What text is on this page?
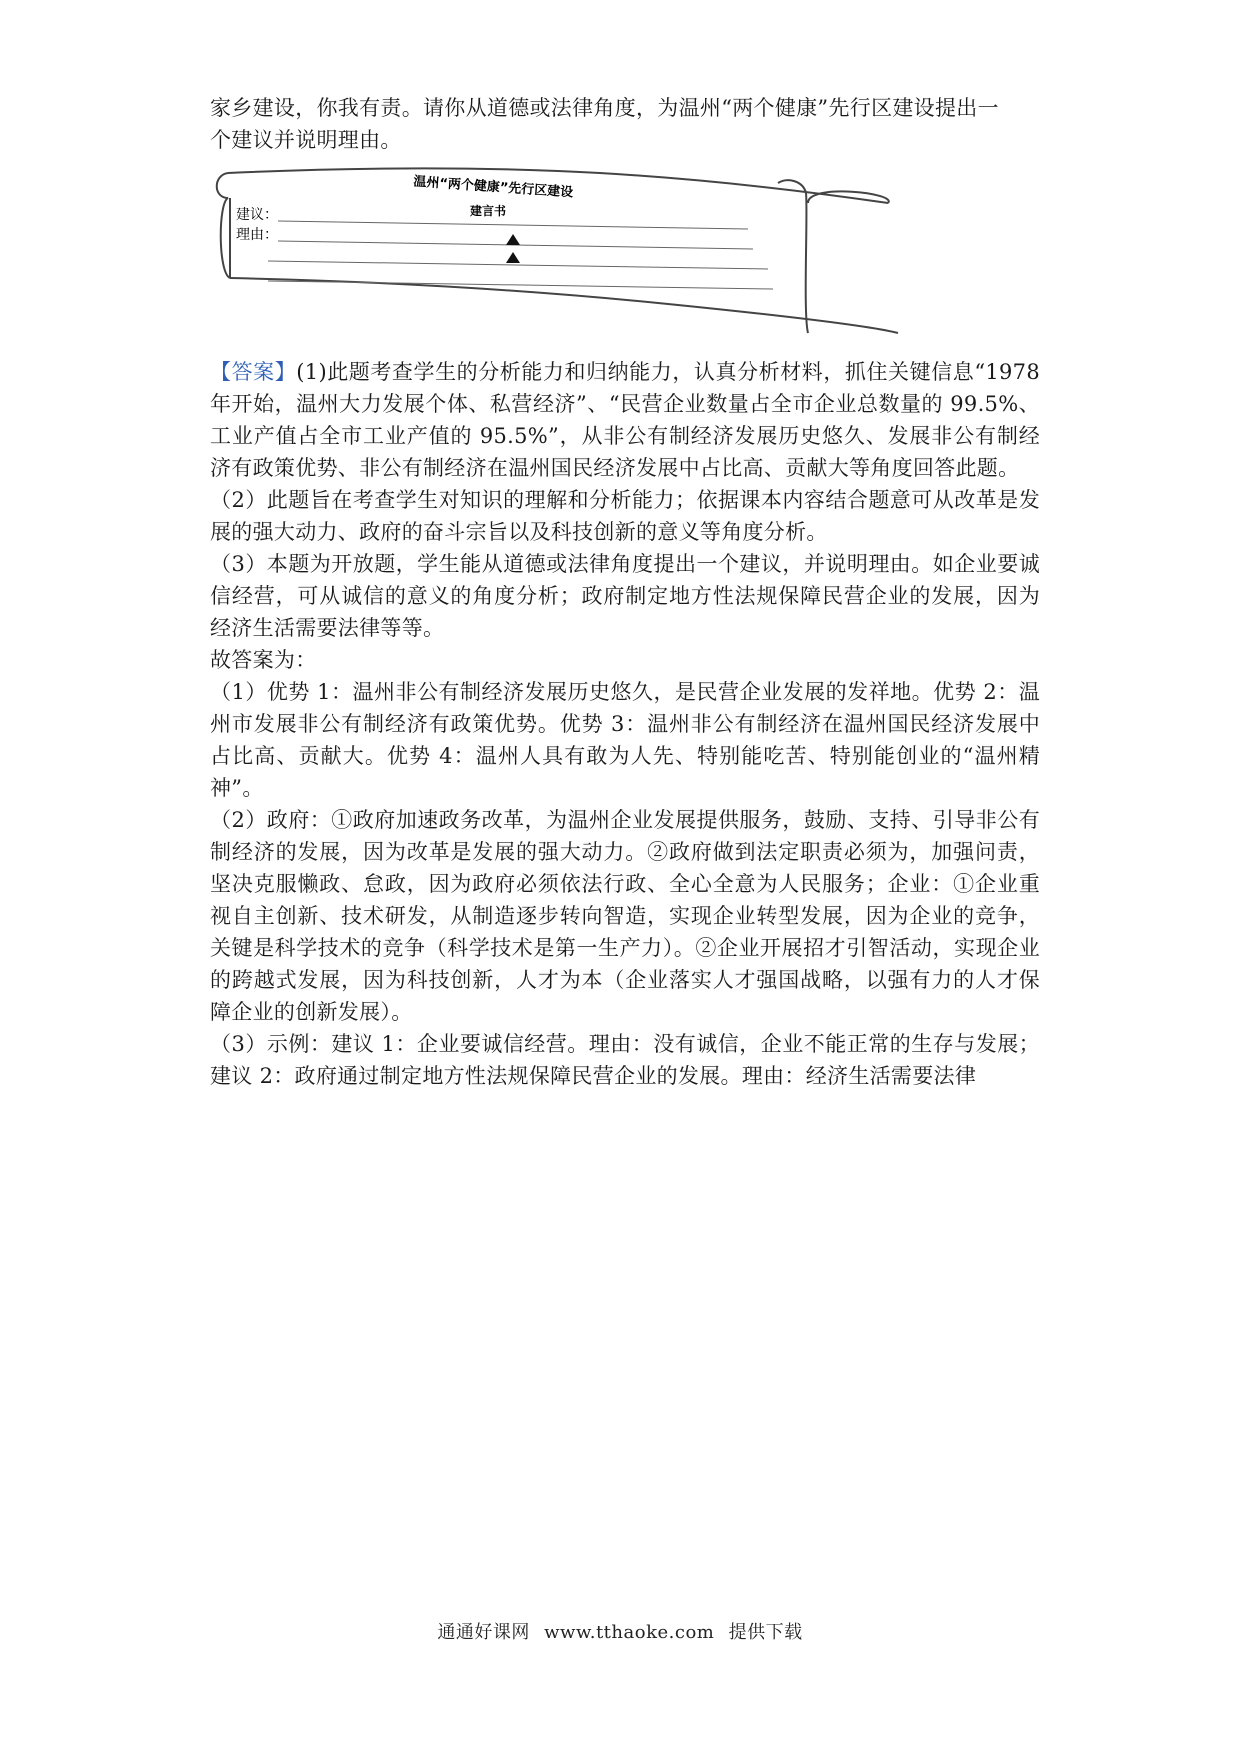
家乡建设，你我有责。请你从道德或法律角度，为温州“两个健康”先行区建设提出一

个建议并说明理由。

温州“两个健康”先行区建设
建言书
建议：
理由：

【答案】(1)此题考查学生的分析能力和归纳能力，认真分析材料，抓住关键信息“1978年开始，温州大力发展个体、私营经济”、“民营企业数量占全市企业总数量的 99.5%、工业产值占全市工业产值的 95.5%”，从非公有制经济发展历史悠久、发展非公有制经济有政策优势、非公有制经济在温州国民经济发展中占比高、贡献大等角度回答此题。

（2）此题旨在考查学生对知识的理解和分析能力；依据课本内容结合题意可从改革是发展的强大动力、政府的奋斗宗旨以及科技创新的意义等角度分析。

（3）本题为开放题，学生能从道德或法律角度提出一个建议，并说明理由。如企业要诚信经营，可从诚信的意义的角度分析；政府制定地方性法规保障民营企业的发展，因为经济生活需要法律等等。

故答案为：

（1）优势 1：温州非公有制经济发展历史悠久，是民营企业发展的发祥地。优势 2：温州市发展非公有制经济有政策优势。优势 3：温州非公有制经济在温州国民经济发展中占比高、贡献大。优势 4：温州人具有敢为人先、特别能吃苦、特别能创业的“温州精神”。

（2）政府：①政府加速政务改革，为温州企业发展提供服务，鼓励、支持、引导非公有制经济的发展，因为改革是发展的强大动力。②政府做到法定职责必须为，加强问责，坚决克服懒政、怠政，因为政府必须依法行政、全心全意为人民服务；企业：①企业重视自主创新、技术研发，从制造逐步转向智造，实现企业转型发展，因为企业的竞争，关键是科学技术的竞争（科学技术是第一生产力）。②企业开展招才引智活动，实现企业的跨越式发展，因为科技创新，人才为本（企业落实人才强国战略，以强有力的人才保障企业的创新发展）。

（3）示例：建议 1：企业要诚信经营。理由：没有诚信，企业不能正常的生存与发展；建议 2：政府通过制定地方性法规保障民营企业的发展。理由：经济生活需要法律

通通好课网 www.tthaoke.com 提供下载
